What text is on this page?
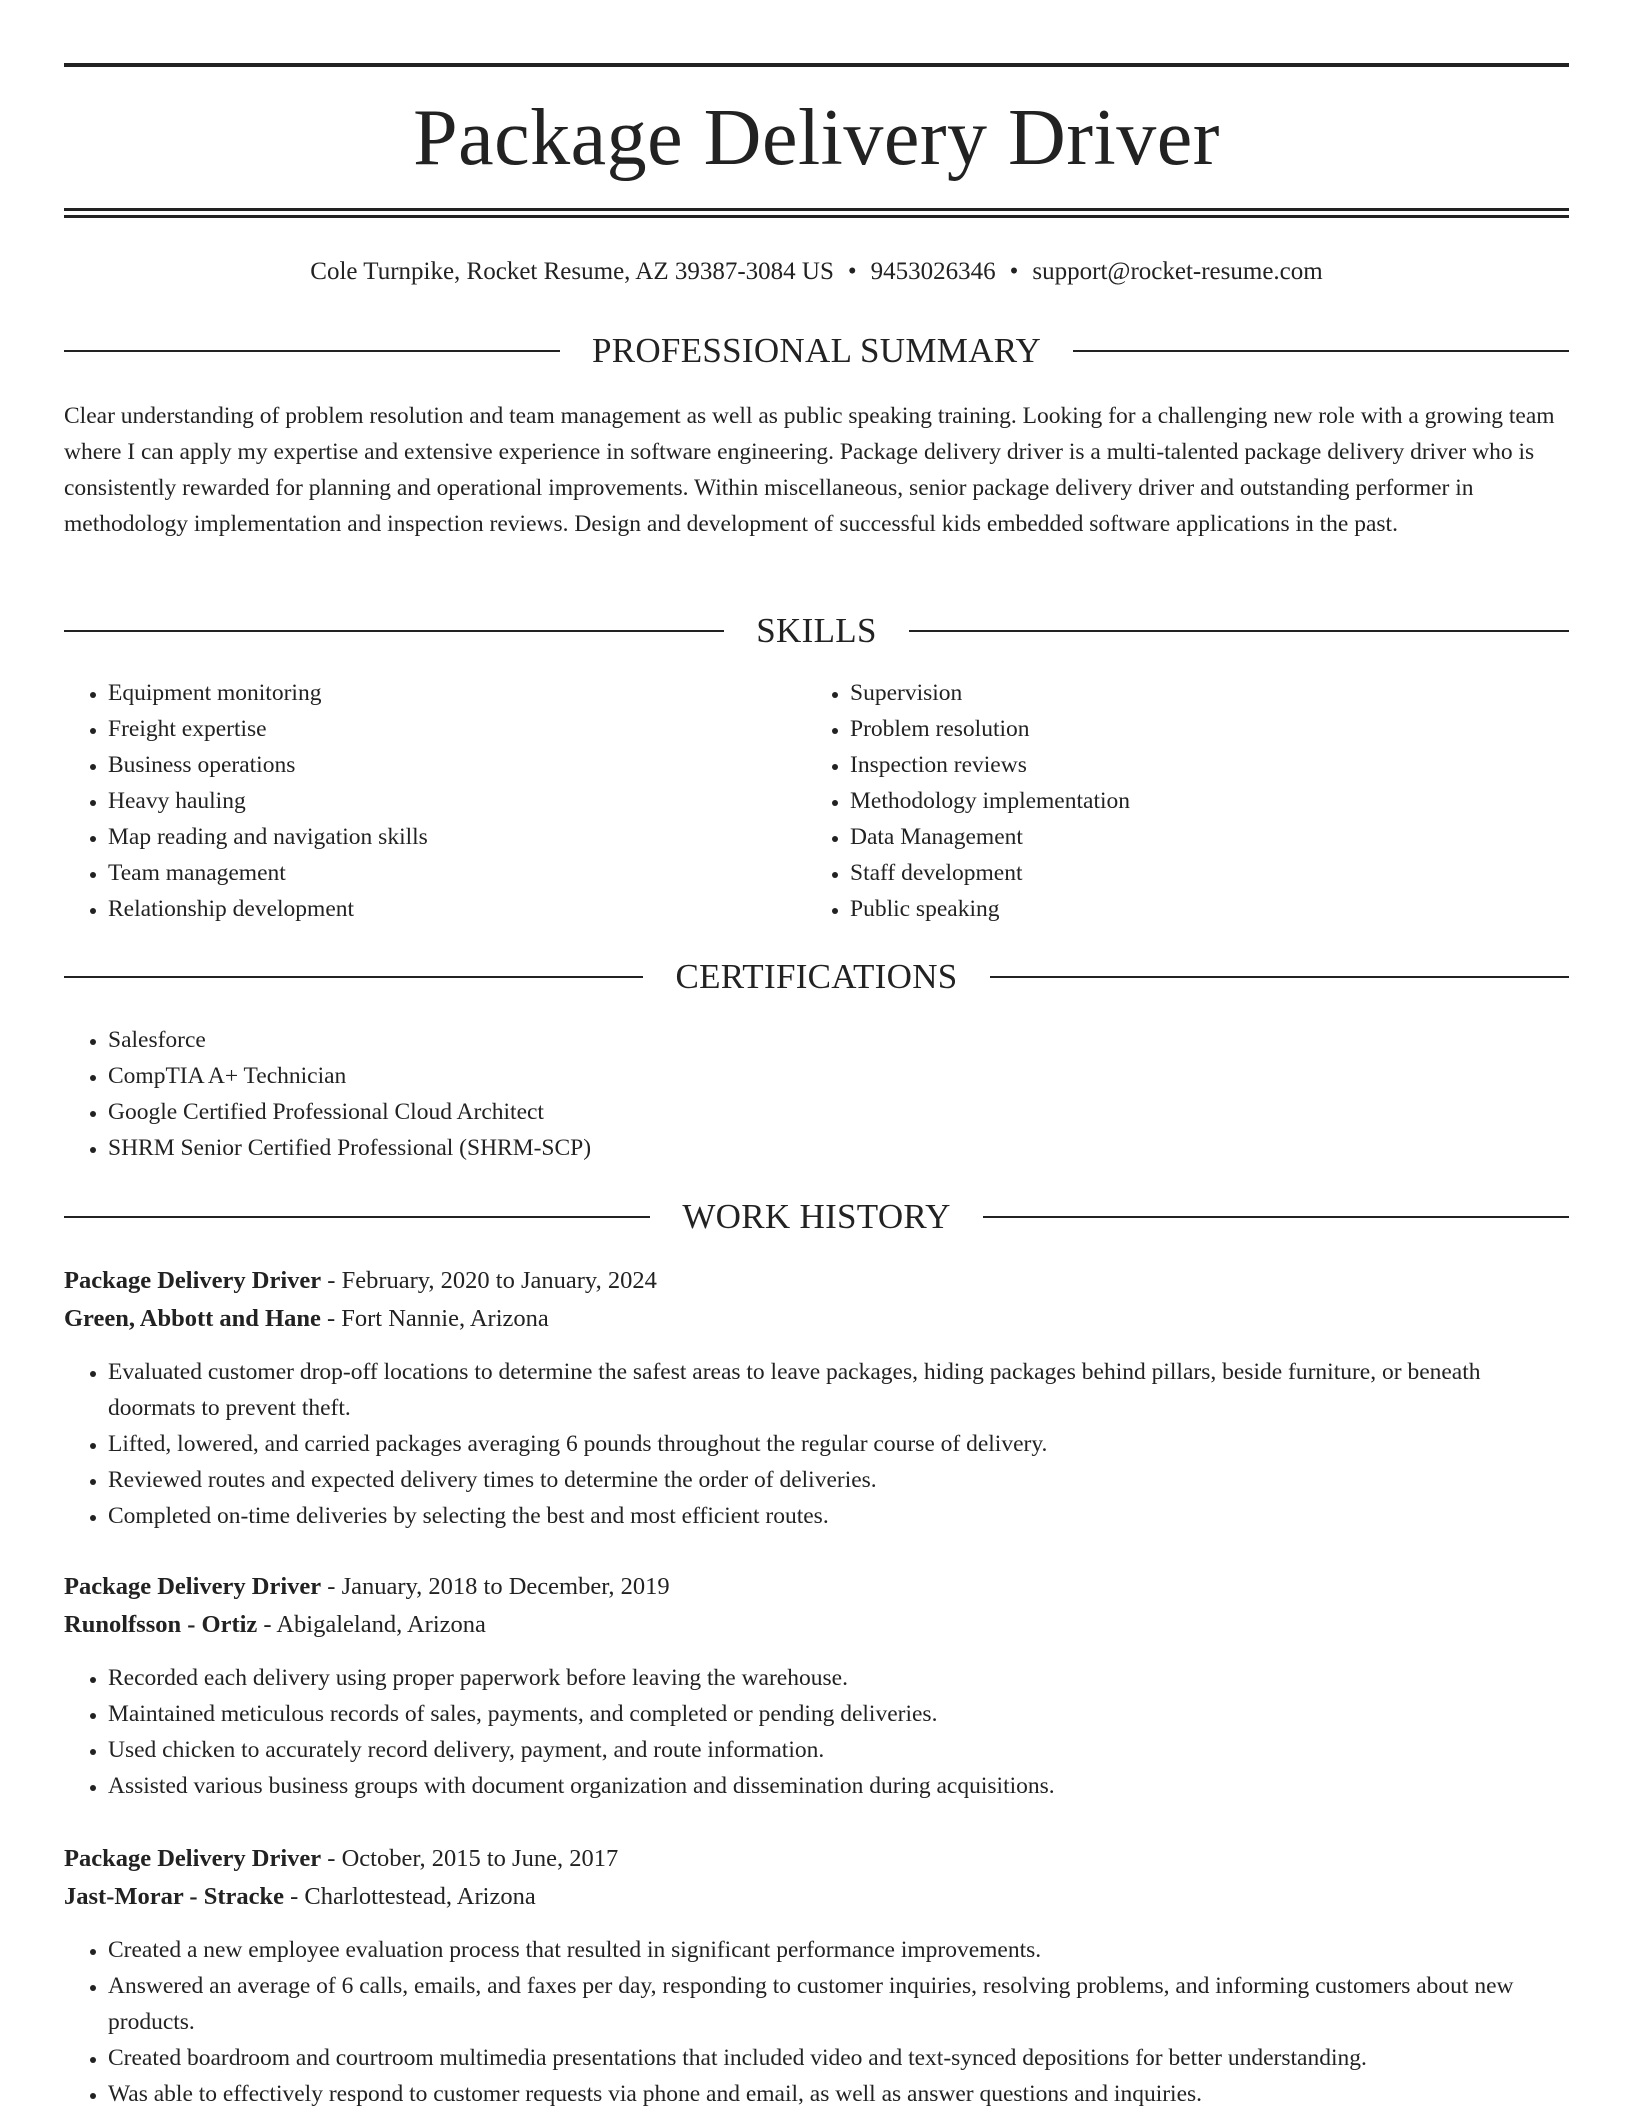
Package Delivery Driver
Cole Turnpike, Rocket Resume, AZ 39387-3084 US • 9453026346 • support@rocket-resume.com
PROFESSIONAL SUMMARY

Clear understanding of problem resolution and team management as well as public speaking training. Looking for a challenging new role with a growing team where I can apply my expertise and extensive experience in software engineering. Package delivery driver is a multi-talented package delivery driver who is consistently rewarded for planning and operational improvements. Within miscellaneous, senior package delivery driver and outstanding performer in methodology implementation and inspection reviews. Design and development of successful kids embedded software applications in the past.

SKILLS
• Equipment monitoring
• Freight expertise
• Business operations
• Heavy hauling
• Map reading and navigation skills
• Team management
• Relationship development
• Supervision
• Problem resolution
• Inspection reviews
• Methodology implementation
• Data Management
• Staff development
• Public speaking
CERTIFICATIONS
• Salesforce
• CompTIA A+ Technician
• Google Certified Professional Cloud Architect
• SHRM Senior Certified Professional (SHRM-SCP)
WORK HISTORY
Package Delivery Driver - February, 2020 to January, 2024
Green, Abbott and Hane - Fort Nannie, Arizona
• Evaluated customer drop-off locations to determine the safest areas to leave packages, hiding packages behind pillars, beside furniture, or beneath doormats to prevent theft.
• Lifted, lowered, and carried packages averaging 6 pounds throughout the regular course of delivery.
• Reviewed routes and expected delivery times to determine the order of deliveries.
• Completed on-time deliveries by selecting the best and most efficient routes.
Package Delivery Driver - January, 2018 to December, 2019
Runolfsson - Ortiz - Abigaleland, Arizona
• Recorded each delivery using proper paperwork before leaving the warehouse.
• Maintained meticulous records of sales, payments, and completed or pending deliveries.
• Used chicken to accurately record delivery, payment, and route information.
• Assisted various business groups with document organization and dissemination during acquisitions.
Package Delivery Driver - October, 2015 to June, 2017
Jast-Morar - Stracke - Charlottestead, Arizona
• Created a new employee evaluation process that resulted in significant performance improvements.
• Answered an average of 6 calls, emails, and faxes per day, responding to customer inquiries, resolving problems, and informing customers about new products.
• Created boardroom and courtroom multimedia presentations that included video and text-synced depositions for better understanding.
• Was able to effectively respond to customer requests via phone and email, as well as answer questions and inquiries.
